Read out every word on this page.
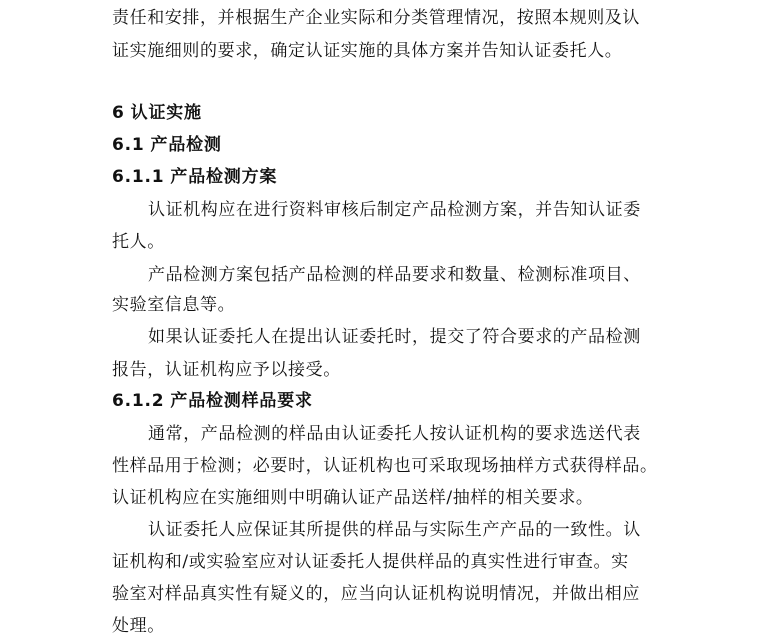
责任和安排，并根据生产企业实际和分类管理情况，按照本规则及认
证实施细则的要求，确定认证实施的具体方案并告知认证委托人。
6 认证实施
6.1 产品检测
6.1.1 产品检测方案
认证机构应在进行资料审核后制定产品检测方案，并告知认证委
托人。
产品检测方案包括产品检测的样品要求和数量、检测标准项目、
实验室信息等。
如果认证委托人在提出认证委托时，提交了符合要求的产品检测
报告，认证机构应予以接受。
6.1.2 产品检测样品要求
通常，产品检测的样品由认证委托人按认证机构的要求选送代表
性样品用于检测；必要时，认证机构也可采取现场抽样方式获得样品。
认证机构应在实施细则中明确认证产品送样/抽样的相关要求。
认证委托人应保证其所提供的样品与实际生产产品的一致性。认
证机构和/或实验室应对认证委托人提供样品的真实性进行审查。实
验室对样品真实性有疑义的，应当向认证机构说明情况，并做出相应
处理。
